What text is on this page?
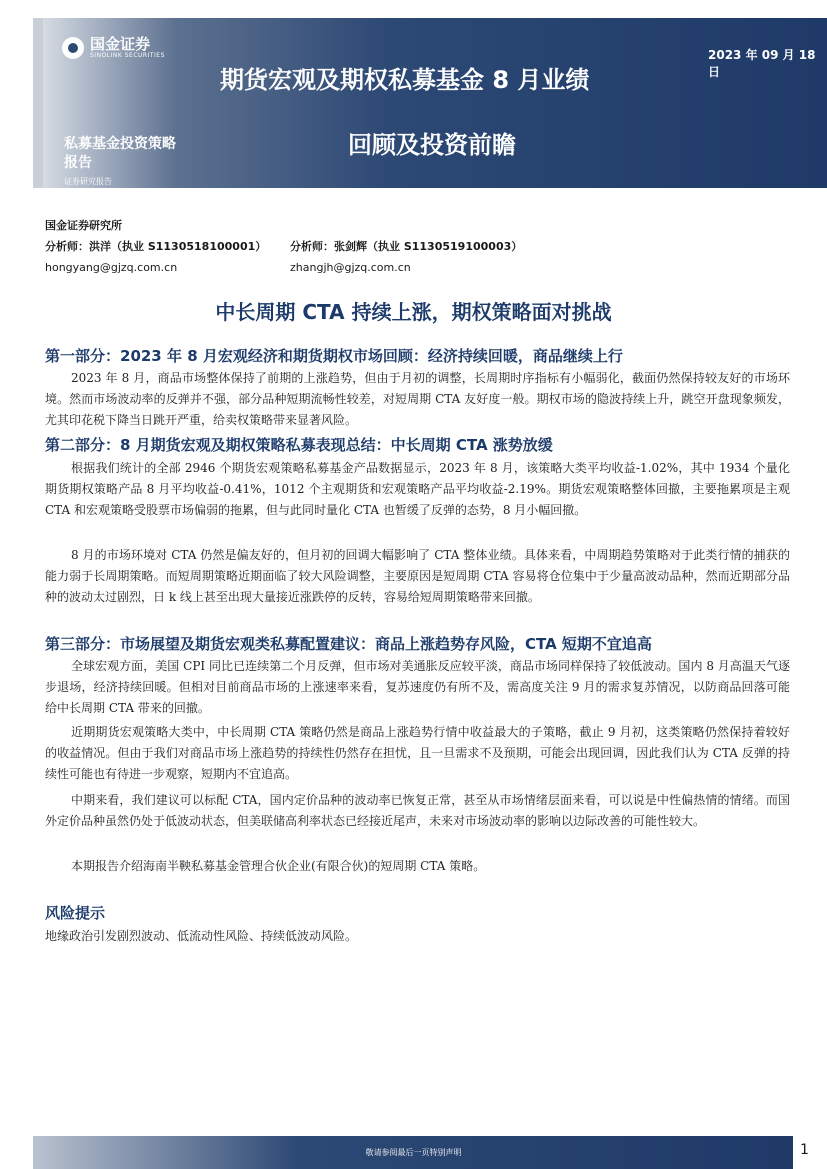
国金证券
SINOLINK SECURITIES	2023 年 09 月 18 日
期货宏观及期权私募基金 8 月业绩
回顾及投资前瞻
私募基金投资策略
报告
证券研究报告
国金证券研究所
分析师：洪洋（执业 S1130518100001） 分析师：张剑辉（执业 S1130519100003）
hongyang@gjzq.com.cn	zhangjh@gjzq.com.cn
中长周期 CTA 持续上涨，期权策略面对挑战
第一部分：2023 年 8 月宏观经济和期货期权市场回顾：经济持续回暖，商品继续上行
2023 年 8 月，商品市场整体保持了前期的上涨趋势，但由于月初的调整，长周期时序指标有小幅弱化，截面仍然保持较友好的市场环境。然而市场波动率的反弹并不强，部分品种短期流畅性较差，对短周期 CTA 友好度一般。期权市场的隐波持续上升，跳空开盘现象频发，尤其印花税下降当日跳开严重，给卖权策略带来显著风险。
第二部分：8 月期货宏观及期权策略私募表现总结：中长周期 CTA 涨势放缓
根据我们统计的全部 2946 个期货宏观策略私募基金产品数据显示，2023 年 8 月，该策略大类平均收益-1.02%，其中 1934 个量化期货期权策略产品 8 月平均收益-0.41%，1012 个主观期货和宏观策略产品平均收益-2.19%。期货宏观策略整体回撤，主要拖累项是主观 CTA 和宏观策略受股票市场偏弱的拖累，但与此同时量化 CTA 也暂缓了反弹的态势，8 月小幅回撤。
8 月的市场环境对 CTA 仍然是偏友好的，但月初的回调大幅影响了 CTA 整体业绩。具体来看，中周期趋势策略对于此类行情的捕获的能力弱于长周期策略。而短周期策略近期面临了较大风险调整，主要原因是短周期 CTA 容易将仓位集中于少量高波动品种，然而近期部分品种的波动太过剧烈，日 k 线上甚至出现大量接近涨跌停的反转，容易给短周期策略带来回撤。
第三部分：市场展望及期货宏观类私募配置建议：商品上涨趋势存风险，CTA 短期不宜追高
全球宏观方面，美国 CPI 同比已连续第二个月反弹，但市场对美通胀反应较平淡，商品市场同样保持了较低波动。国内 8 月高温天气逐步退场，经济持续回暖。但相对目前商品市场的上涨速率来看，复苏速度仍有所不及，需高度关注 9 月的需求复苏情况，以防商品回落可能给中长周期 CTA 带来的回撤。
近期期货宏观策略大类中，中长周期 CTA 策略仍然是商品上涨趋势行情中收益最大的子策略，截止 9 月初，这类策略仍然保持着较好的收益情况。但由于我们对商品市场上涨趋势的持续性仍然存在担忧，且一旦需求不及预期，可能会出现回调，因此我们认为 CTA 反弹的持续性可能也有待进一步观察，短期内不宜追高。
中期来看，我们建议可以标配 CTA，国内定价品种的波动率已恢复正常，甚至从市场情绪层面来看，可以说是中性偏热情的情绪。而国外定价品种虽然仍处于低波动状态，但美联储高利率状态已经接近尾声，未来对市场波动率的影响以边际改善的可能性较大。
本期报告介绍海南半鞅私募基金管理合伙企业(有限合伙)的短周期 CTA 策略。
风险提示
地缘政治引发剧烈波动、低流动性风险、持续低波动风险。
敬请参阅最后一页特别声明	1
